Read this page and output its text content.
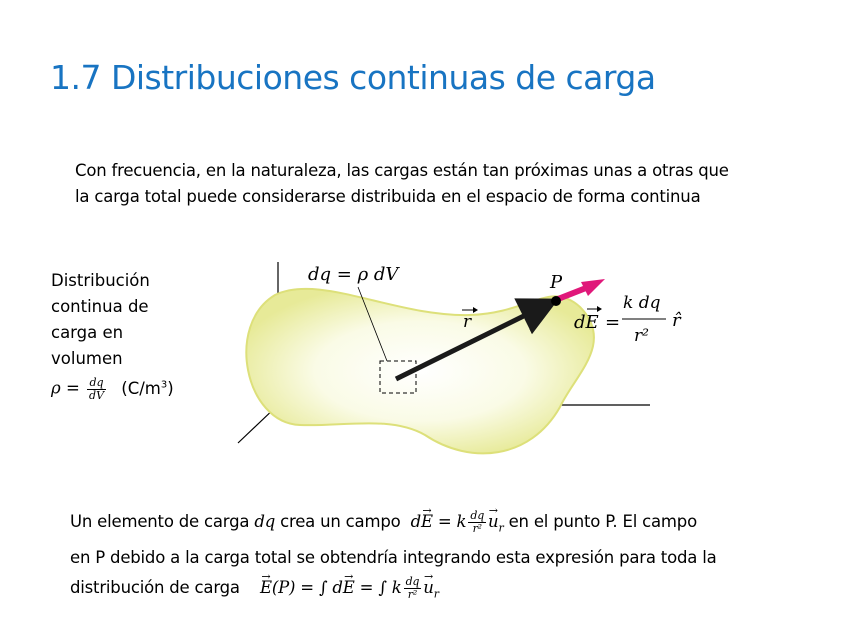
1.7 Distribuciones continuas de carga
Con frecuencia, en la naturaleza, las cargas están tan próximas unas a otras que
la carga total puede considerarse distribuida en el espacio de forma continua
Distribución
continua de
carga en
volumen
$\rho = \frac{dq}{dV} (C/m^3)$
dq = ρ dV	P
r	dE =
k dq
r²
r̂
Un elemento de carga dq crea un campo d→ E = k $\frac{dq}{\text{r²}}$
→ $u_r$ en el punto P. El campo
en P debido a la carga total se obtendría integrando esta expresión para toda la
distribución de carga    → E(P) = ∫ d→ E = ∫ k $\frac{dq}{\text{r²}}$
→ $u_r$
